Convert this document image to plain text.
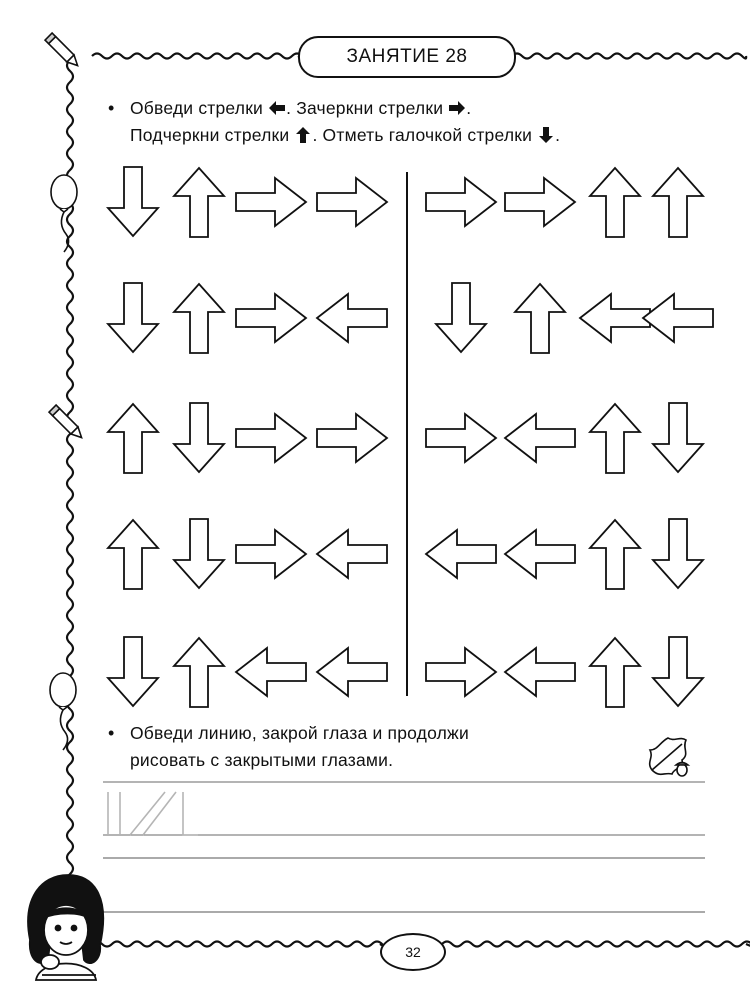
ЗАНЯТИЕ 28
• Обведи стрелки . Зачеркни стрелки .
Подчеркни стрелки . Отметь галочкой стрелки .
• Обведи линию, закрой глаза и продолжи
рисовать с закрытыми глазами.
32
